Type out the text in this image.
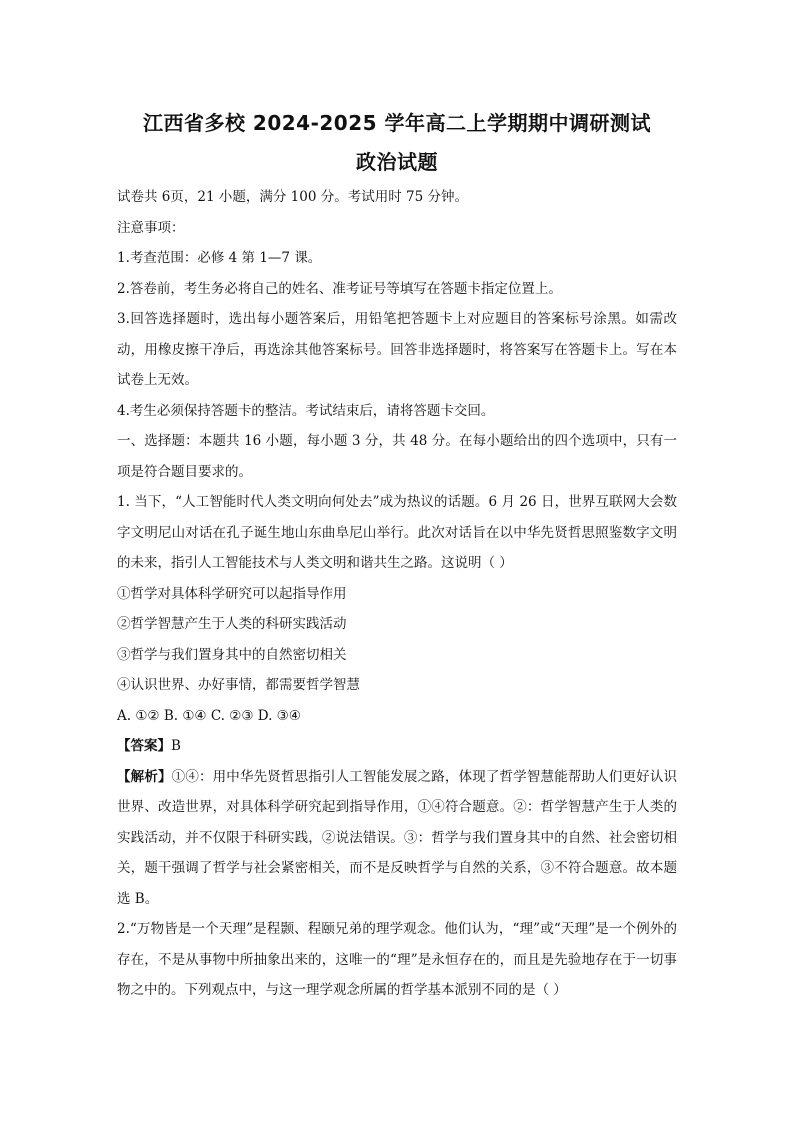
江西省多校 2024-2025 学年高二上学期期中调研测试
政治试题

试卷共 6页，21 小题，满分 100 分。考试用时 75 分钟。

注意事项：

1.考查范围：必修 4 第 1—7 课。

2.答卷前，考生务必将自己的姓名、准考证号等填写在答题卡指定位置上。

3.回答选择题时，选出每小题答案后，用铅笔把答题卡上对应题目的答案标号涂黑。如需改动，用橡皮擦干净后，再选涂其他答案标号。回答非选择题时，将答案写在答题卡上。写在本试卷上无效。

4.考生必须保持答题卡的整洁。考试结束后，请将答题卡交回。

一、选择题：本题共 16 小题，每小题 3 分，共 48 分。在每小题给出的四个选项中，只有一项是符合题目要求的。

1. 当下，“人工智能时代人类文明向何处去”成为热议的话题。6 月 26 日，世界互联网大会数字文明尼山对话在孔子诞生地山东曲阜尼山举行。此次对话旨在以中华先贤哲思照鉴数字文明的未来，指引人工智能技术与人类文明和谐共生之路。这说明（ ）

①哲学对具体科学研究可以起指导作用

②哲学智慧产生于人类的科研实践活动

③哲学与我们置身其中的自然密切相关

④认识世界、办好事情，都需要哲学智慧

A. ①② B. ①④ C. ②③ D. ③④

【答案】B

【解析】①④：用中华先贤哲思指引人工智能发展之路，体现了哲学智慧能帮助人们更好认识世界、改造世界，对具体科学研究起到指导作用，①④符合题意。②：哲学智慧产生于人类的实践活动，并不仅限于科研实践，②说法错误。③：哲学与我们置身其中的自然、社会密切相关，题干强调了哲学与社会紧密相关，而不是反映哲学与自然的关系，③不符合题意。故本题选 B。

2.“万物皆是一个天理”是程颢、程颐兄弟的理学观念。他们认为，“理”或“天理”是一个例外的存在，不是从事物中所抽象出来的，这唯一的“理”是永恒存在的，而且是先验地存在于一切事物之中的。下列观点中，与这一理学观念所属的哲学基本派别不同的是（ ）
